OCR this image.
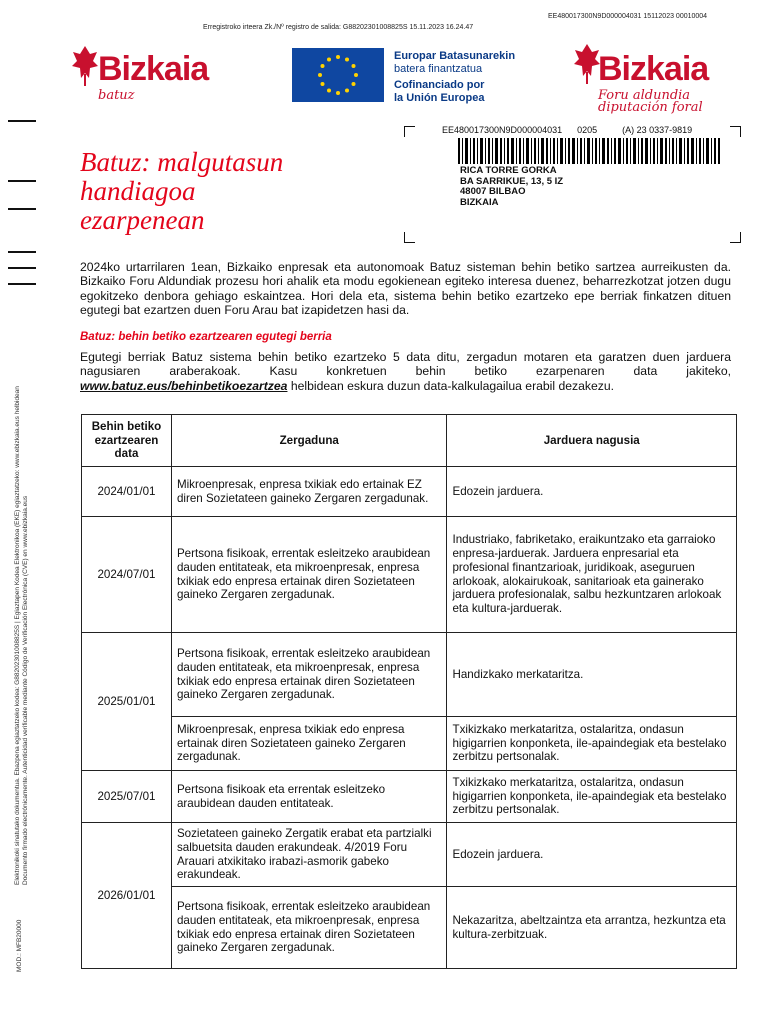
Erregistroko irteera Zk./Nº registro de salida: G88202301008825S 15.11.2023 16.24.47
EE480017300N9D000004031 15112023 00010004
Bizkaia
batuz
Europar Batasunarekin
batera finantzatua
Cofinanciado por
la Unión Europea
Bizkaia
Foru aldundia
diputación foral
Batuz: malgutasun
handiagoa
ezarpenean
EE480017300N9D000004031      0205          (A) 23 0337-9819
RICA TORRE GORKA
BA SARRIKUE, 13, 5 IZ
48007 BILBAO
BIZKAIA
2024ko urtarrilaren 1ean, Bizkaiko enpresak eta autonomoak Batuz sisteman behin betiko sartzea aurreikusten da. Bizkaiko Foru Aldundiak prozesu hori ahalik eta modu egokienean egiteko interesa duenez, beharrezkotzat jotzen dugu egokitzeko denbora gehiago eskaintzea. Hori dela eta, sistema behin betiko ezartzeko epe berriak finkatzen dituen egutegi bat ezartzen duen Foru Arau bat izapidetzen hasi da.
Batuz: behin betiko ezartzearen egutegi berria
Egutegi berriak Batuz sistema behin betiko ezartzeko 5 data ditu, zergadun motaren eta garatzen duen jarduera nagusiaren araberakoak. Kasu konkretuen behin betiko ezarpenaren data jakiteko, www.batuz.eus/behinbetikoezartzea helbidean eskura duzun data-kalkulagailua erabil dezakezu.
Behin betiko ezartzearen data	Zergaduna	Jarduera nagusia
2024/01/01	Mikroenpresak, enpresa txikiak edo ertainak EZ diren Sozietateen gaineko Zergaren zergadunak.	Edozein jarduera.
2024/07/01	Pertsona fisikoak, errentak esleitzeko araubidean dauden entitateak, eta mikroenpresak, enpresa txikiak edo enpresa ertainak diren Sozietateen gaineko Zergaren zergadunak.	Industriako, fabriketako, eraikuntzako eta garraioko enpresa-jarduerak. Jarduera enpresarial eta profesional finantzarioak, juridikoak, aseguruen arlokoak, alokairukoak, sanitarioak eta gainerako jarduera profesionalak, salbu hezkuntzaren arlokoak eta kultura-jarduerak.
2025/01/01	Pertsona fisikoak, errentak esleitzeko araubidean dauden entitateak, eta mikroenpresak, enpresa txikiak edo enpresa ertainak diren Sozietateen gaineko Zergaren zergadunak.	Handizkako merkataritza.
	Mikroenpresak, enpresa txikiak edo enpresa ertainak diren Sozietateen gaineko Zergaren zergadunak.	Txikizkako merkataritza, ostalaritza, ondasun higigarrien konponketa, ile-apaindegiak eta bestelako zerbitzu pertsonalak.
2025/07/01	Pertsona fisikoak eta errentak esleitzeko araubidean dauden entitateak.	Txikizkako merkataritza, ostalaritza, ondasun higigarrien konponketa, ile-apaindegiak eta bestelako zerbitzu pertsonalak.
2026/01/01	Sozietateen gaineko Zergatik erabat eta partzialki salbuetsita dauden erakundeak. 4/2019 Foru Arauari atxikitako irabazi-asmorik gabeko erakundeak.	Edozein jarduera.
	Pertsona fisikoak, errentak esleitzeko araubidean dauden entitateak, eta mikroenpresak, enpresa txikiak edo enpresa ertainak diren Sozietateen gaineko Zergaren zergadunak.	Nekazaritza, abeltzaintza eta arrantza, hezkuntza eta kultura-zerbitzuak.
Elektronikoki sinatutako dokumentua. Ebazpena egiaztatzeko kodea: G88202301008825S | Egiaztapen Kodea Elektronikoa (EKE) egiaztatzeko: www.ebizkaia.eus helbidean Documento firmado electrónicamente. Autenticidad verificable mediante Código de Verificación Electrónica (CVE) en www.ebizkaia.eus
MOD.: MFB20000
